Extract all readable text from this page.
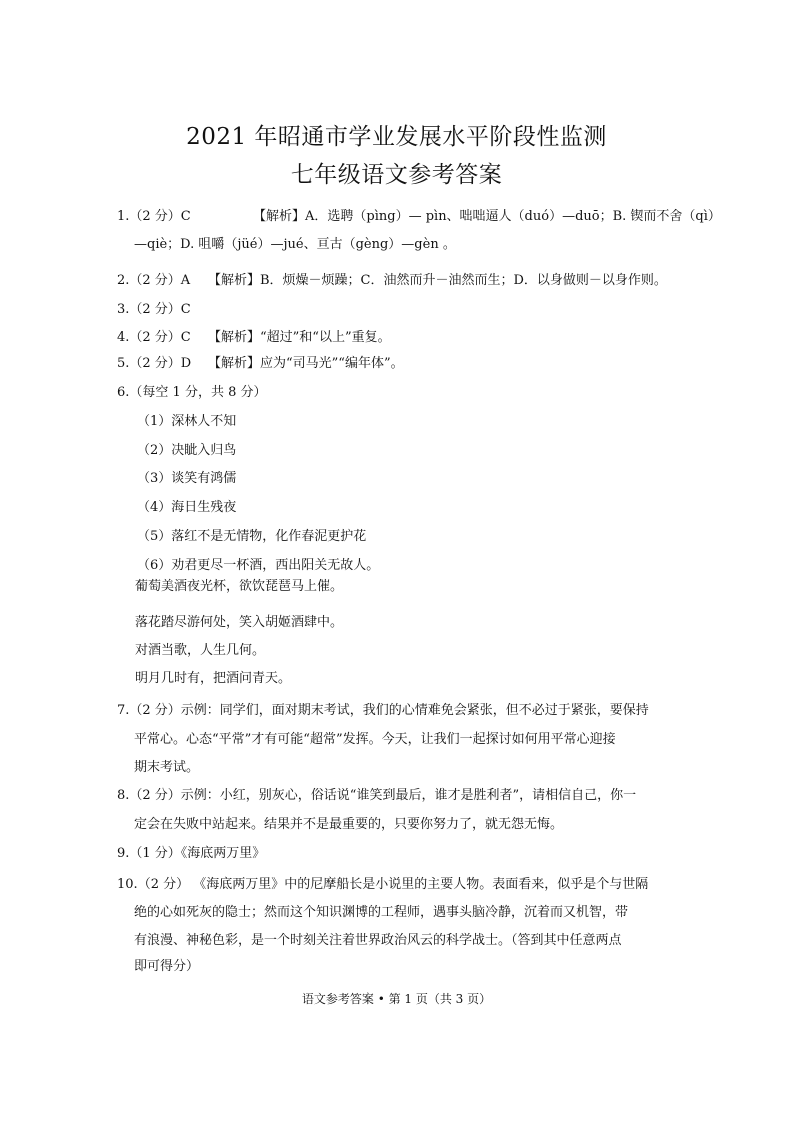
2021 年昭通市学业发展水平阶段性监测
七年级语文参考答案
1.（2 分）C	【解析】A．选聘（pìng）— pìn、咄咄逼人（duó）—duō；B. 锲而不舍（qì）
—qiè；D. 咀嚼（jüé）—jué、亘古（gèng）—gèn 。
2.（2 分）A 【解析】B．烦燥－烦躁；C．油然而升－油然而生；D．以身做则－以身作则。
3.（2 分）C
4.（2 分）C 【解析】“超过”和“以上”重复。
5.（2 分）D 【解析】应为“司马光”“编年体”。
6.（每空 1 分，共 8 分）
（1）深林人不知
（2）决眦入归鸟
（3）谈笑有鸿儒
（4）海日生残夜
（5）落红不是无情物，化作春泥更护花
（6）劝君更尽一杯酒，西出阳关无故人。
葡萄美酒夜光杯，欲饮琵琶马上催。
落花踏尽游何处，笑入胡姬酒肆中。
对酒当歌，人生几何。
明月几时有，把酒问青天。
7.（2 分）示例：同学们，面对期末考试，我们的心情难免会紧张，但不必过于紧张，要保持
平常心。心态“平常”才有可能“超常”发挥。今天，让我们一起探讨如何用平常心迎接
期末考试。
8.（2 分）示例：小红，别灰心，俗话说“谁笑到最后，谁才是胜利者”，请相信自己，你一
定会在失败中站起来。结果并不是最重要的，只要你努力了，就无怨无悔。
9.（1 分）《海底两万里》
10.（2 分） 《海底两万里》中的尼摩船长是小说里的主要人物。表面看来，似乎是个与世隔
绝的心如死灰的隐士；然而这个知识渊博的工程师，遇事头脑冷静，沉着而又机智，带
有浪漫、神秘色彩，是一个时刻关注着世界政治风云的科学战士。（答到其中任意两点
即可得分）
语文参考答案 • 第 1 页（共 3 页）
